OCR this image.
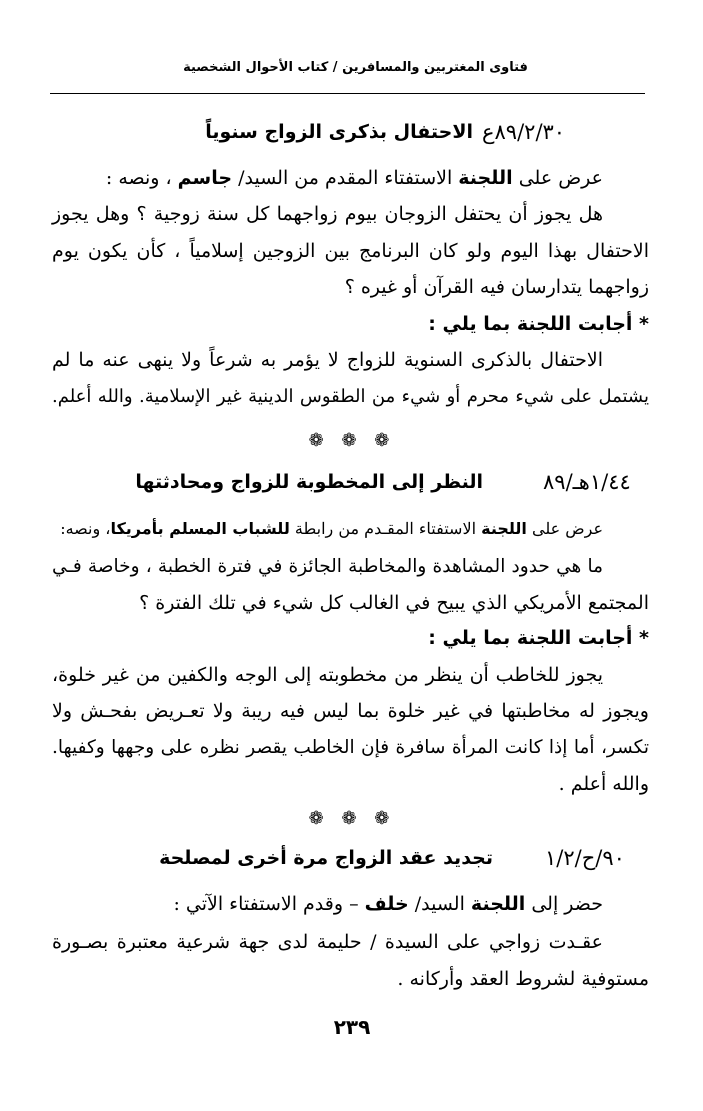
فتاوى المغتربين والمسافرين / كتاب الأحوال الشخصية
٨٩/٢/٣٠ع
الاحتفال بذكرى الزواج سنوياً
عرض على اللجنة الاستفتاء المقدم من السيد/ جاسم ، ونصه :
هل يجوز أن يحتفل الزوجان بيوم زواجهما كل سنة زوجية ؟ وهل يجوز
الاحتفال بهذا اليوم ولو كان البرنامج بين الزوجين إسلامياً ، كأن يكون يوم
زواجهما يتدارسان فيه القرآن أو غيره ؟
* أجابت اللجنة بما يلي :
الاحتفال بالذكرى السنوية للزواج لا يؤمر به شرعاً ولا ينهى عنه ما لم
يشتمل على شيء محرم أو شيء من الطقوس الدينية غير الإسلامية. والله أعلم.
❁ ❁ ❁
١/٤٤هـ/٨٩
النظر إلى المخطوبة للزواج ومحادثتها
عرض على اللجنة الاستفتاء المقـدم من رابطة للشباب المسلم بأمريكا، ونصه:
ما هي حدود المشاهدة والمخاطبة الجائزة في فترة الخطبة ، وخاصة فـي
المجتمع الأمريكي الذي يبيح في الغالب كل شيء في تلك الفترة ؟
* أجابت اللجنة بما يلي :
يجوز للخاطب أن ينظر من مخطوبته إلى الوجه والكفين من غير خلوة،
ويجوز له مخاطبتها في غير خلوة بما ليس فيه ريبة ولا تعـريض بفحـش ولا
تكسر، أما إذا كانت المرأة سافرة فإن الخاطب يقصر نظره على وجهها وكفيها.
والله أعلم .
❁ ❁ ❁
٩٠/ح/١/٢
تجديد عقد الزواج مرة أخرى لمصلحة
حضر إلى اللجنة السيد/ خلف – وقدم الاستفتاء الآتي :
عقـدت زواجي على السيدة / حليمة لدى جهة شرعية معتبرة بصـورة
مستوفية لشروط العقد وأركانه .
٢٣٩
